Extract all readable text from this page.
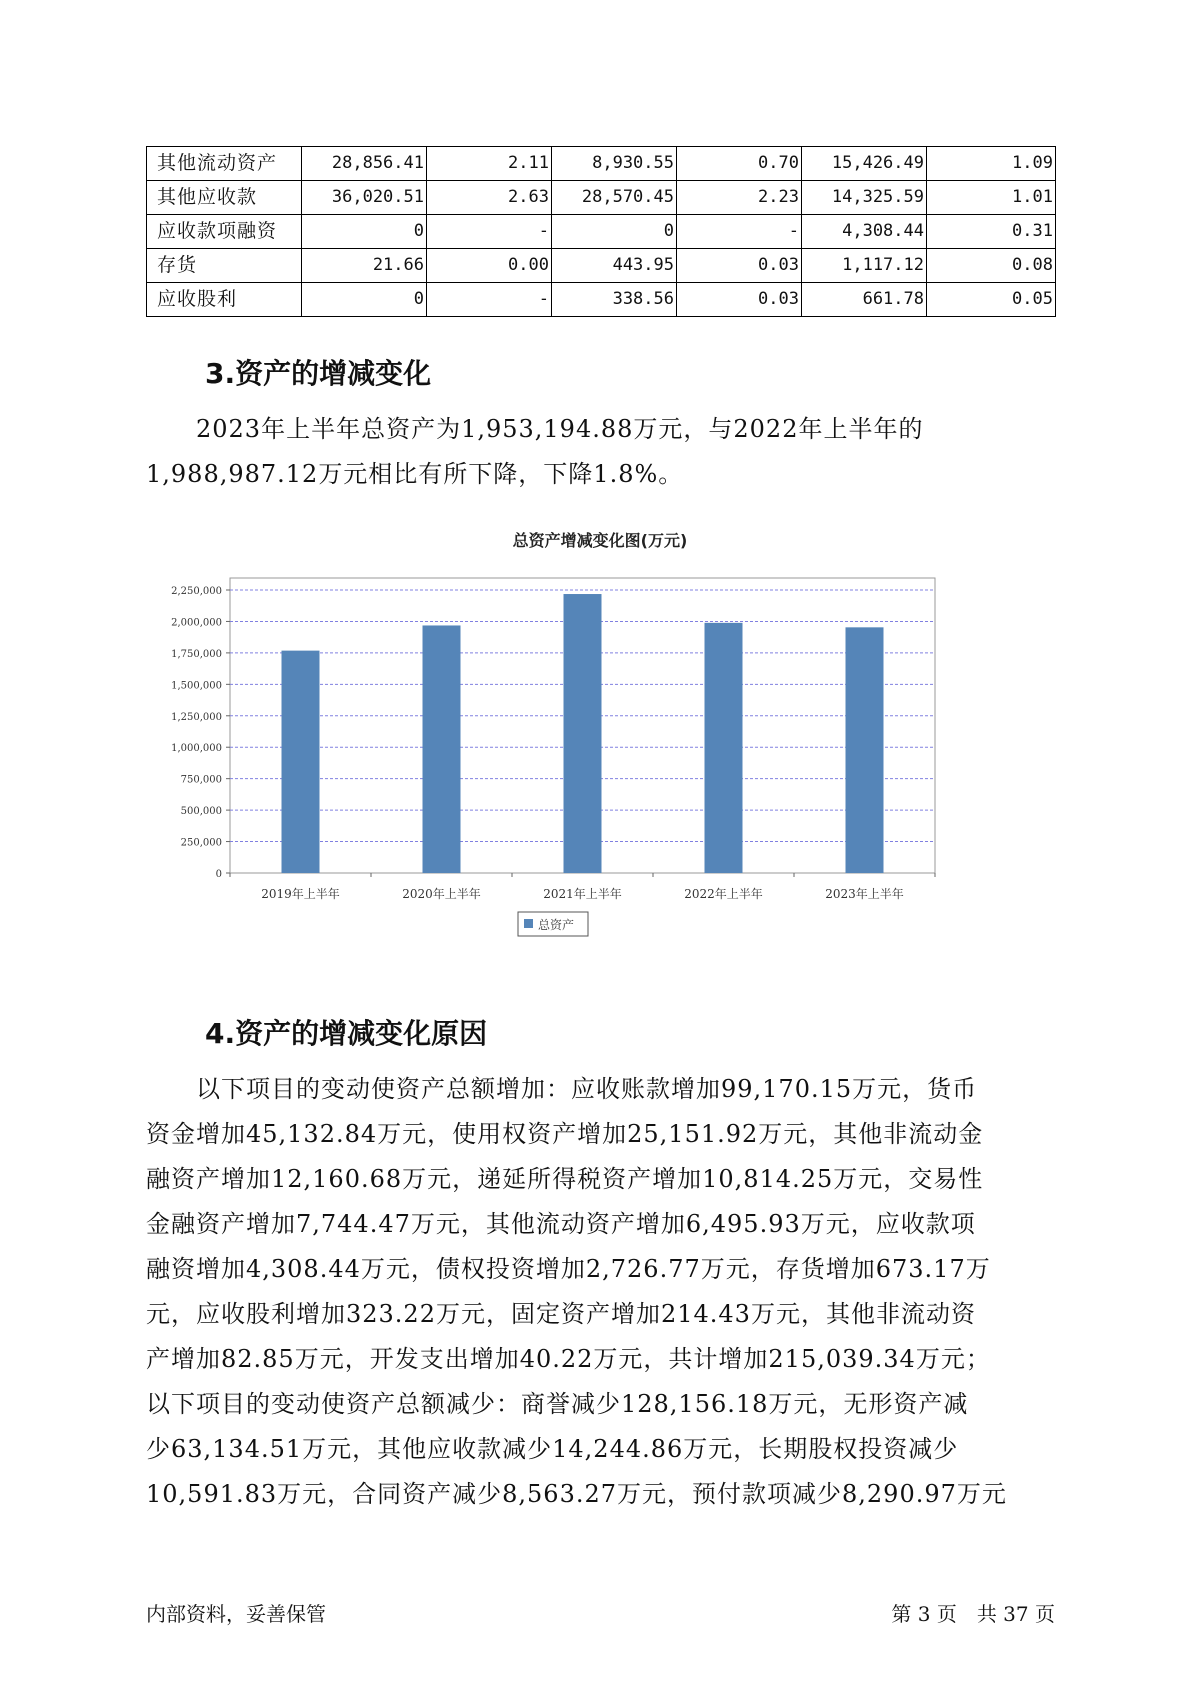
其他流动资产	28,856.41	2.11	8,930.55	0.70	15,426.49	1.09
其他应收款	36,020.51	2.63	28,570.45	2.23	14,325.59	1.01
应收款项融资	0	-	0	-	4,308.44	0.31
存货	21.66	0.00	443.95	0.03	1,117.12	0.08
应收股利	0	-	338.56	0.03	661.78	0.05
3.资产的增减变化

　　2023年上半年总资产为1,953,194.88万元，与2022年上半年的
1,988,987.12万元相比有所下降，下降1.8%。

总资产增减变化图(万元)
0
250,000
500,000
750,000
1,000,000
1,250,000
1,500,000
1,750,000
2,000,000
2,250,000
2019年上半年	2020年上半年	2021年上半年	2022年上半年	2023年上半年
总资产
4.资产的增减变化原因

　　以下项目的变动使资产总额增加：应收账款增加99,170.15万元，货币
资金增加45,132.84万元，使用权资产增加25,151.92万元，其他非流动金
融资产增加12,160.68万元，递延所得税资产增加10,814.25万元，交易性
金融资产增加7,744.47万元，其他流动资产增加6,495.93万元，应收款项
融资增加4,308.44万元，债权投资增加2,726.77万元，存货增加673.17万
元，应收股利增加323.22万元，固定资产增加214.43万元，其他非流动资
产增加82.85万元，开发支出增加40.22万元，共计增加215,039.34万元；
以下项目的变动使资产总额减少：商誉减少128,156.18万元，无形资产减
少63,134.51万元，其他应收款减少14,244.86万元，长期股权投资减少
10,591.83万元，合同资产减少8,563.27万元，预付款项减少8,290.97万元

内部资料，妥善保管	第 3 页　共 37 页
